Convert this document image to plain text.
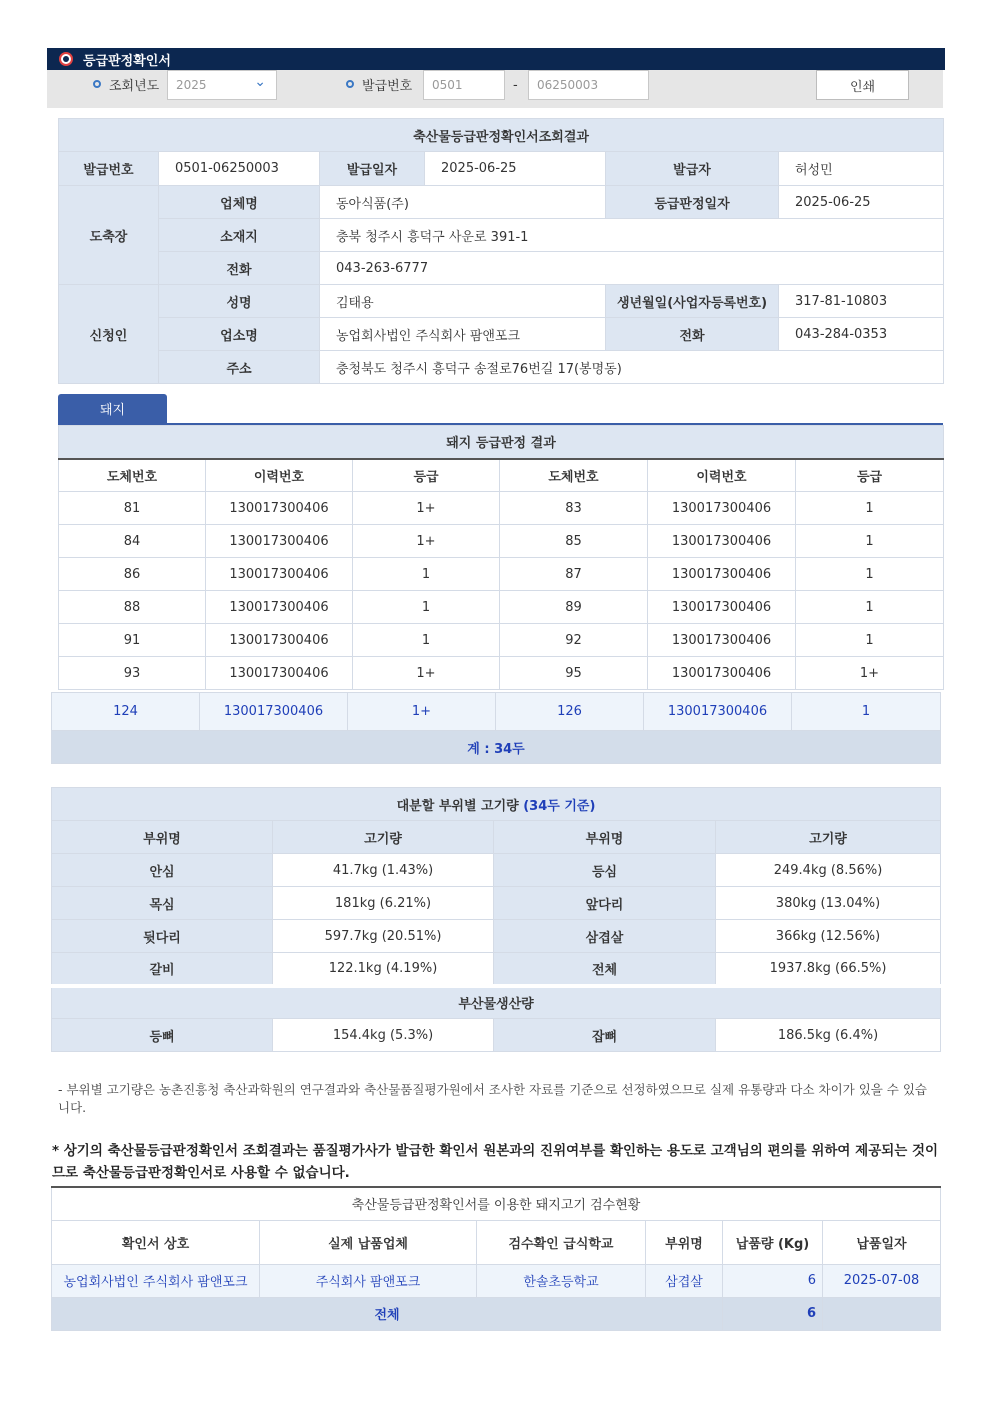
등급판정확인서
조회년도 2025
⌄	발급번호 0501	- 06250003	인쇄
축산물등급판정확인서조회결과				
발급번호	0501-06250003	발급일자 2025-06-25	발급자	허성민
도축장	업체명	동아식품(주)	등급판정일자	2025-06-25
	소재지	충북 청주시 흥덕구 사운로 391-1		
	전화	043-263-6777		
신청인	성명	김태용	생년월일(사업자등록번호)	317-81-10803
	업소명	농업회사법인 주식회사 팜앤포크	전화	043-284-0353
	주소	충청북도 청주시 흥덕구 송절로76번길 17(봉명동)		
돼지
돼지 등급판정 결과					
도체번호	이력번호	등급	도체번호	이력번호	등급
81	130017300406	1+	83	130017300406	1
84	130017300406	1+	85	130017300406	1
86	130017300406	1	87	130017300406	1
88	130017300406	1	89	130017300406	1
91	130017300406	1	92	130017300406	1
93	130017300406	1+	95	130017300406	1+
124	130017300406	1+	126	130017300406	1
계 : 34두
대분할 부위별 고기량 (34두 기준)			
부위명	고기량	부위명	고기량
안심	41.7kg (1.43%)	등심	249.4kg (8.56%)
목심	181kg (6.21%)	앞다리	380kg (13.04%)
뒷다리	597.7kg (20.51%)	삼겹살	366kg (12.56%)
갈비	122.1kg (4.19%)	전체	1937.8kg (66.5%)
부산물생산량			
등뼈	154.4kg (5.3%)	잡뼈	186.5kg (6.4%)
- 부위별 고기량은 농촌진흥청 축산과학원의 연구결과와 축산물품질평가원에서 조사한 자료를 기준으로 선정하였으므로 실제 유통량과 다소 차이가 있을 수 있습니다.
* 상기의 축산물등급판정확인서 조회결과는 품질평가사가 발급한 확인서 원본과의 진위여부를 확인하는 용도로 고객님의 편의를 위하여 제공되는 것이므로 축산물등급판정확인서로 사용할 수 없습니다.
축산물등급판정확인서를 이용한 돼지고기 검수현황					
확인서 상호	실제 납품업체	검수확인 급식학교	부위명	납품량 (Kg)	납품일자
농업회사법인 주식회사 팜앤포크	주식회사 팜앤포크	한솔초등학교	삼겹살	6	2025-07-08
전체				6	
